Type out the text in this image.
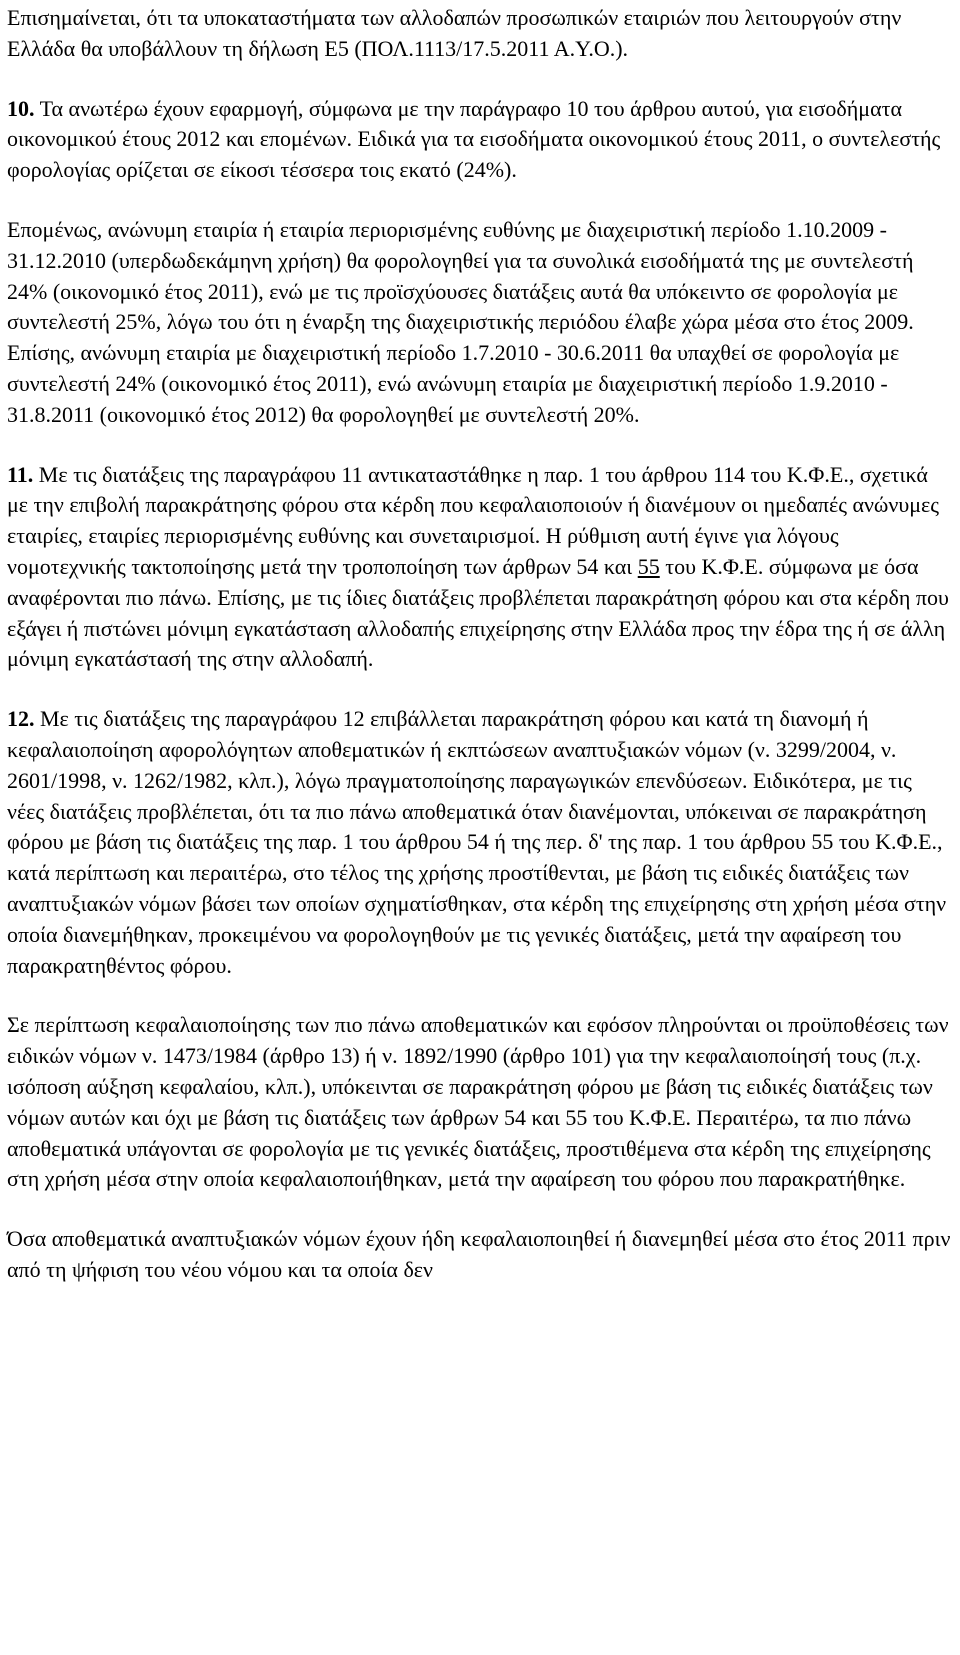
Επισημαίνεται, ότι τα υποκαταστήματα των αλλοδαπών προσωπικών εταιριών που λειτουργούν στην Ελλάδα θα υποβάλλουν τη δήλωση Ε5 (ΠΟΛ.1113/17.5.2011 Α.Υ.Ο.).

10. Τα ανωτέρω έχουν εφαρμογή, σύμφωνα με την παράγραφο 10 του άρθρου αυτού, για εισοδήματα οικονομικού έτους 2012 και επομένων. Ειδικά για τα εισοδήματα οικονομικού έτους 2011, ο συντελεστής φορολογίας ορίζεται σε είκοσι τέσσερα τοις εκατό (24%).

Επομένως, ανώνυμη εταιρία ή εταιρία περιορισμένης ευθύνης με διαχειριστική περίοδο 1.10.2009 - 31.12.2010 (υπερδωδεκάμηνη χρήση) θα φορολογηθεί για τα συνολικά εισοδήματά της με συντελεστή 24% (οικονομικό έτος 2011), ενώ με τις προϊσχύουσες διατάξεις αυτά θα υπόκειντο σε φορολογία με συντελεστή 25%, λόγω του ότι η έναρξη της διαχειριστικής περιόδου έλαβε χώρα μέσα στο έτος 2009. Επίσης, ανώνυμη εταιρία με διαχειριστική περίοδο 1.7.2010 - 30.6.2011 θα υπαχθεί σε φορολογία με συντελεστή 24% (οικονομικό έτος 2011), ενώ ανώνυμη εταιρία με διαχειριστική περίοδο 1.9.2010 - 31.8.2011 (οικονομικό έτος 2012) θα φορολογηθεί με συντελεστή 20%.

11. Με τις διατάξεις της παραγράφου 11 αντικαταστάθηκε η παρ. 1 του άρθρου 114 του Κ.Φ.Ε., σχετικά με την επιβολή παρακράτησης φόρου στα κέρδη που κεφαλαιοποιούν ή διανέμουν οι ημεδαπές ανώνυμες εταιρίες, εταιρίες περιορισμένης ευθύνης και συνεταιρισμοί. Η ρύθμιση αυτή έγινε για λόγους νομοτεχνικής τακτοποίησης μετά την τροποποίηση των άρθρων 54 και 55 του Κ.Φ.Ε. σύμφωνα με όσα αναφέρονται πιο πάνω. Επίσης, με τις ίδιες διατάξεις προβλέπεται παρακράτηση φόρου και στα κέρδη που εξάγει ή πιστώνει μόνιμη εγκατάσταση αλλοδαπής επιχείρησης στην Ελλάδα προς την έδρα της ή σε άλλη μόνιμη εγκατάστασή της στην αλλοδαπή.

12. Με τις διατάξεις της παραγράφου 12 επιβάλλεται παρακράτηση φόρου και κατά τη διανομή ή κεφαλαιοποίηση αφορολόγητων αποθεματικών ή εκπτώσεων αναπτυξιακών νόμων (ν. 3299/2004, ν. 2601/1998, ν. 1262/1982, κλπ.), λόγω πραγματοποίησης παραγωγικών επενδύσεων. Ειδικότερα, με τις νέες διατάξεις προβλέπεται, ότι τα πιο πάνω αποθεματικά όταν διανέμονται, υπόκειναι σε παρακράτηση φόρου με βάση τις διατάξεις της παρ. 1 του άρθρου 54 ή της περ. δ' της παρ. 1 του άρθρου 55 του Κ.Φ.Ε., κατά περίπτωση και περαιτέρω, στο τέλος της χρήσης προστίθενται, με βάση τις ειδικές διατάξεις των αναπτυξιακών νόμων βάσει των οποίων σχηματίσθηκαν, στα κέρδη της επιχείρησης στη χρήση μέσα στην οποία διανεμήθηκαν, προκειμένου να φορολογηθούν με τις γενικές διατάξεις, μετά την αφαίρεση του παρακρατηθέντος φόρου.

Σε περίπτωση κεφαλαιοποίησης των πιο πάνω αποθεματικών και εφόσον πληρούνται οι προϋποθέσεις των ειδικών νόμων ν. 1473/1984 (άρθρο 13) ή ν. 1892/1990 (άρθρο 101) για την κεφαλαιοποίησή τους (π.χ. ισόποση αύξηση κεφαλαίου, κλπ.), υπόκεινται σε παρακράτηση φόρου με βάση τις ειδικές διατάξεις των νόμων αυτών και όχι με βάση τις διατάξεις των άρθρων 54 και 55 του Κ.Φ.Ε. Περαιτέρω, τα πιο πάνω αποθεματικά υπάγονται σε φορολογία με τις γενικές διατάξεις, προστιθέμενα στα κέρδη της επιχείρησης στη χρήση μέσα στην οποία κεφαλαιοποιήθηκαν, μετά την αφαίρεση του φόρου που παρακρατήθηκε.

Όσα αποθεματικά αναπτυξιακών νόμων έχουν ήδη κεφαλαιοποιηθεί ή διανεμηθεί μέσα στο έτος 2011 πριν από τη ψήφιση του νέου νόμου και τα οποία δεν
